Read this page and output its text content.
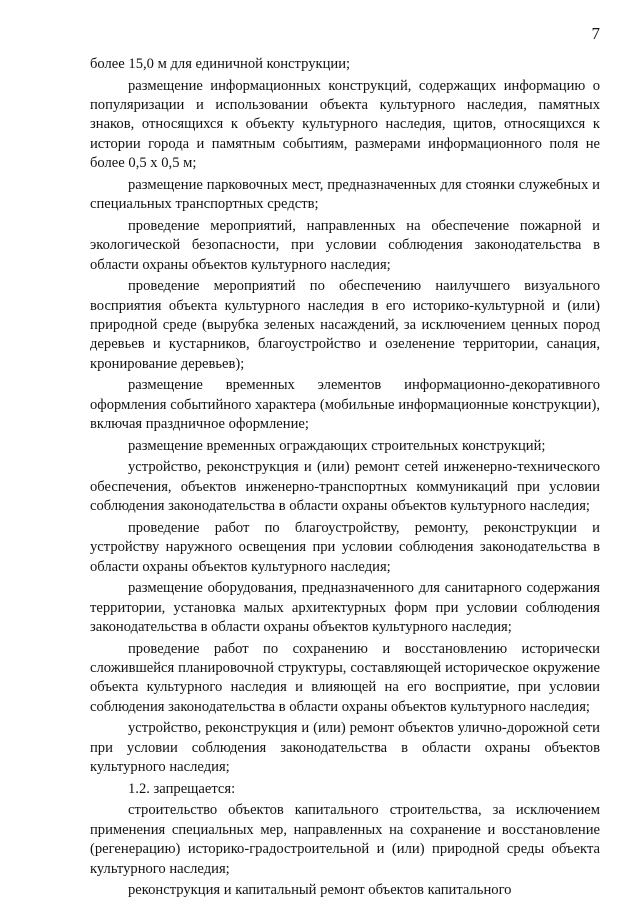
7

более 15,0 м для единичной конструкции;

размещение информационных конструкций, содержащих информацию о популяризации и использовании объекта культурного наследия, памятных знаков, относящихся к объекту культурного наследия, щитов, относящихся к истории города и памятным событиям, размерами информационного поля не более 0,5 х 0,5 м;

размещение парковочных мест, предназначенных для стоянки служебных и специальных транспортных средств;

проведение мероприятий, направленных на обеспечение пожарной и экологической безопасности, при условии соблюдения законодательства в области охраны объектов культурного наследия;

проведение мероприятий по обеспечению наилучшего визуального восприятия объекта культурного наследия в его историко-культурной и (или) природной среде (вырубка зеленых насаждений, за исключением ценных пород деревьев и кустарников, благоустройство и озеленение территории, санация, кронирование деревьев);

размещение временных элементов информационно-декоративного оформления событийного характера (мобильные информационные конструкции), включая праздничное оформление;

размещение временных ограждающих строительных конструкций;

устройство, реконструкция и (или) ремонт сетей инженерно-технического обеспечения, объектов инженерно-транспортных коммуникаций при условии соблюдения законодательства в области охраны объектов культурного наследия;

проведение работ по благоустройству, ремонту, реконструкции и устройству наружного освещения при условии соблюдения законодательства в области охраны объектов культурного наследия;

размещение оборудования, предназначенного для санитарного содержания территории, установка малых архитектурных форм при условии соблюдения законодательства в области охраны объектов культурного наследия;

проведение работ по сохранению и восстановлению исторически сложившейся планировочной структуры, составляющей историческое окружение объекта культурного наследия и влияющей на его восприятие, при условии соблюдения законодательства в области охраны объектов культурного наследия;

устройство, реконструкция и (или) ремонт объектов улично-дорожной сети при условии соблюдения законодательства в области охраны объектов культурного наследия;

1.2. запрещается:

строительство объектов капитального строительства, за исключением применения специальных мер, направленных на сохранение и восстановление (регенерацию) историко-градостроительной и (или) природной среды объекта культурного наследия;

реконструкция и капитальный ремонт объектов капитального
